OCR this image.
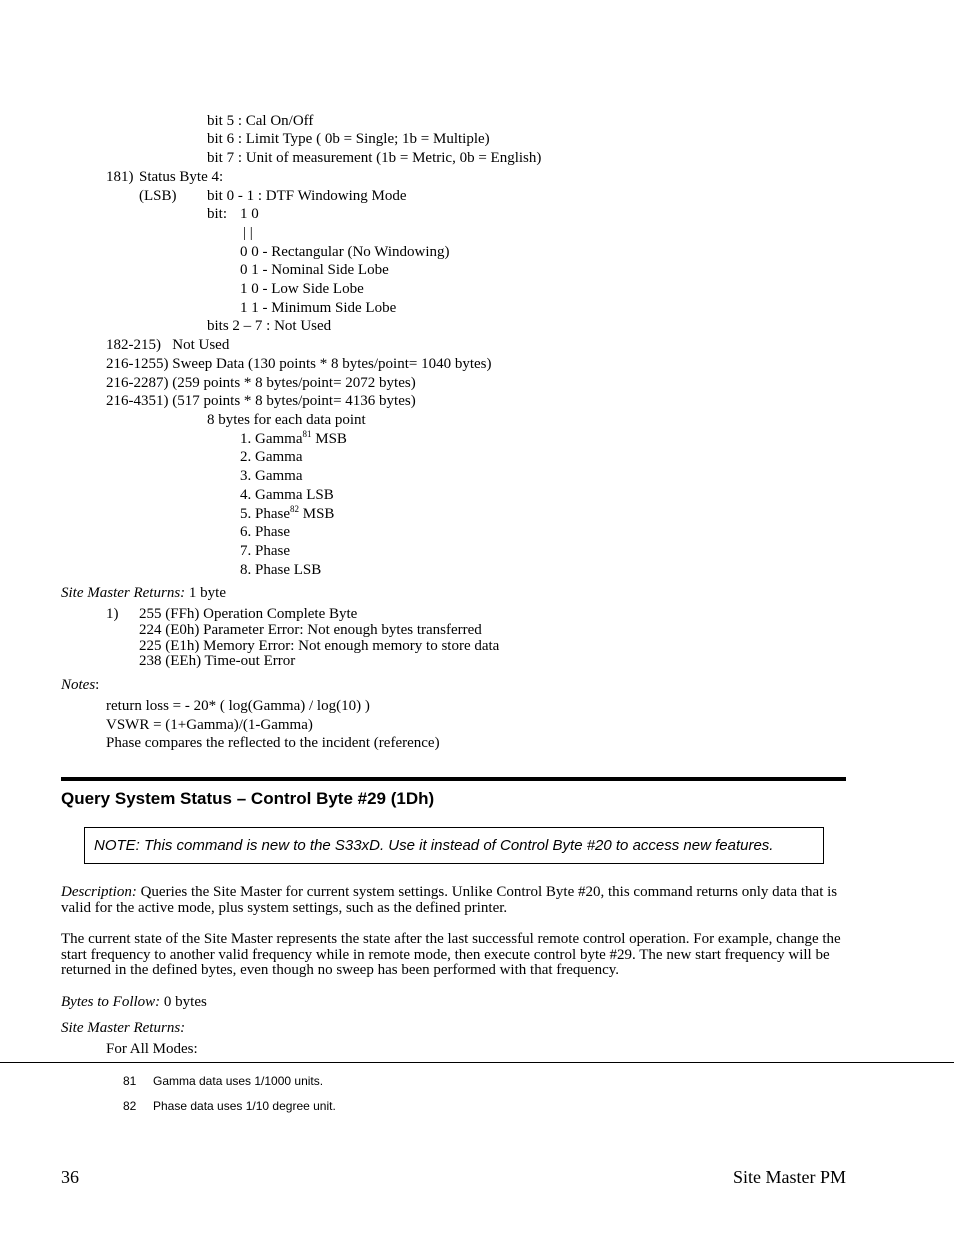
bit 5 : Cal On/Off
bit 6 : Limit Type ( 0b = Single; 1b = Multiple)
bit 7 : Unit of measurement (1b = Metric, 0b = English)
181) Status Byte 4:
(LSB) bit 0 - 1 : DTF Windowing Mode
bit: 1 0
| |
0 0 - Rectangular (No Windowing)
0 1 - Nominal Side Lobe
1 0 - Low Side Lobe
1 1 - Minimum Side Lobe
bits 2 – 7 : Not Used
182-215)   Not Used
216-1255) Sweep Data (130 points * 8 bytes/point= 1040 bytes)
216-2287) (259 points * 8 bytes/point= 2072 bytes)
216-4351) (517 points * 8 bytes/point= 4136 bytes)
8 bytes for each data point
1. Gamma$^{81}$ MSB
2. Gamma
3. Gamma
4. Gamma LSB
5. Phase$^{82}$ MSB
6. Phase
7. Phase
8. Phase LSB
Site Master Returns: 1 byte
1) 255 (FFh) Operation Complete Byte
224 (E0h) Parameter Error: Not enough bytes transferred
225 (E1h) Memory Error: Not enough memory to store data
238 (EEh) Time-out Error
Notes:
return loss = - 20* ( log(Gamma) / log(10) )
VSWR = (1+Gamma)/(1-Gamma)
Phase compares the reflected to the incident (reference)
Query System Status – Control Byte #29 (1Dh)
NOTE: This command is new to the S33xD. Use it instead of Control Byte #20 to access new features.
Description: Queries the Site Master for current system settings. Unlike Control Byte #20, this command returns only data that is valid for the active mode, plus system settings, such as the defined printer.
The current state of the Site Master represents the state after the last successful remote control operation. For example, change the start frequency to another valid frequency while in remote mode, then execute control byte #29. The new start frequency will be returned in the defined bytes, even though no sweep has been performed with that frequency.
Bytes to Follow: 0 bytes
Site Master Returns:
For All Modes:
81 Gamma data uses 1/1000 units.
82 Phase data uses 1/10 degree unit.
36	Site Master PM
